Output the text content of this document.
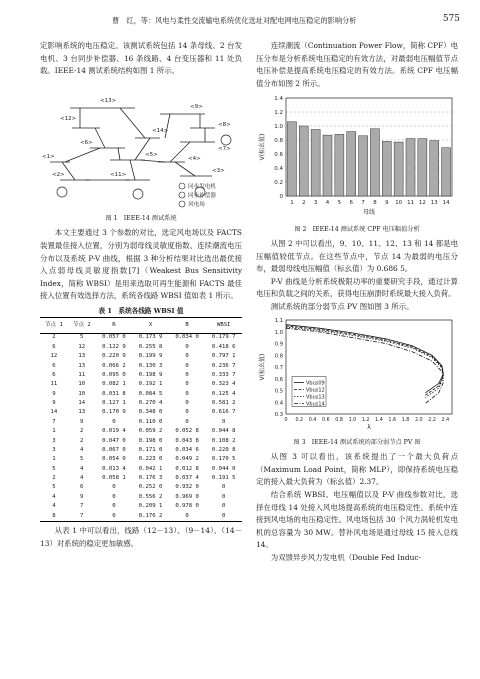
曹　红，等：风电与柔性交流输电系统优化选址对配电网电压稳定的影响分析	575

定影响系统的电压稳定。该测试系统包括 14 条母线、2 台发电机、3 台同步补偿器、16 条线路、4 台变压器和 11 处负载。IEEE-14 测试系统结构如图 1 所示。

<13>
<12>
<9>
<8>
<14>
<7>
<6>
<1>	<5>
<4>
<2>	<11>
<3>
同步发电机
同步补偿器
风电场
图 1　IEEE-14 测试系统

本文主要通过 3 个参数的对比，选定风电场以及 FACTS 装置最佳接入位置，分别为弱母线灵敏度指数、连续潮流电压分布以及系统 P-V 曲线，根据 3 种分析结果对比选出最优接入点弱母线灵敏度指数[7]（Weakest Bus Sensitivity Index，简称 WBSI）是用来选取可再生能源和 FACTS 最佳接入位置有效选择方法，系统各线路 WBSI 值如表 1 所示。

表 1　系统各线路 WBSI 值
节点 1	节点 2	R	X	B	WBSI
2	5	0.057 0	0.173 9	0.034 0	0.179 7
6	12	0.122 9	0.255 8	0	0.418 6
12	13	0.220 9	0.199 9	0	0.797 1
6	13	0.066 2	0.130 3	0	0.236 7
6	11	0.095 0	0.198 9	0	0.333 7
11	10	0.082 1	0.192 1	0	0.323 4
9	10	0.031 8	0.084 5	0	0.125 4
9	14	0.127 1	0.270 4	0	0.581 2
14	13	0.170 9	0.348 0	0	0.616 7
7	9	0	0.110 0	0	0
1	2	0.019 4	0.059 2	0.052 8	0.044 8
3	2	0.047 0	0.198 0	0.043 8	0.108 2
3	4	0.067 0	0.171 0	0.034 6	0.220 8
1	5	0.054 0	0.223 0	0.049 2	0.170 5
5	4	0.013 4	0.042 1	0.012 8	0.044 0
2	4	0.058 1	0.176 3	0.037 4	0.191 5
5	6	0	0.252 0	0.932 0	0
4	9	0	0.556 2	0.969 0	0
4	7	0	0.209 1	0.978 0	0
8	7	0	0.176 2	0	0

从表 1 中可以看出，线路（12－13）、（9－14）、（14－13）对系统的稳定更加敏感。

连续潮流（Continuation Power Flow，简称 CPF）电压分布是分析系统电压稳定的有效方法，对最弱电压幅值节点电压补偿是提高系统电压稳定的有效方法。系统 CPF 电压幅值分布如图 2 所示。

0
0.2
0.4
0.6
0.8
1.0
1.2
1.4
1 2 3 4 5 6 7 8 9 10 11 12 13 14
母线
V(标幺值)
图 2　IEEE-14 测试系统 CPF 电压幅值分析

从图 2 中可以看出，9、10、11、12、13 和 14 都是电压幅值较低节点。在这些节点中，节点 14 为最弱的电压分布，最弱母线电压幅值（标幺值）为 0.686 5。

P-V 曲线是分析系统极限功率的重要研究手段，通过计算电压和负载之间的关系，获得电压崩溃时系统最大接入负荷。

测试系统的部分弱节点 PV 图如图 3 所示。

0.3
0.4
0.5
0.6
0.7
0.8
0.9
1.0
1.1
0 0.2 0.4 0.6 0.8 1.0 1.2 1.4 1.6 1.8 2.0 2.2 2.4
Vbus09
Vbus12
Vbus13
Vbus14
λ
V(标幺值)
图 3　IEEE-14 测试系统的部分弱节点 PV 图

从图 3 可以看出，该系统提出了一个最大负荷点（Maximum Load Point，简称 MLP），即保持系统电压稳定的接入最大负荷为（标幺值）2.37。

结合系统 WBSI、电压幅值以及 P-V 曲线参数对比，选择在母线 14 处接入风电场提高系统的电压稳定性。系统中连接到风电场的电压稳定性。风电场包括 30 个风力涡轮机发电机的总容量为 30 MW。替补风电场是通过母线 15 接入总线 14。

为双馈异步风力发电机（Double Fed Induc-
